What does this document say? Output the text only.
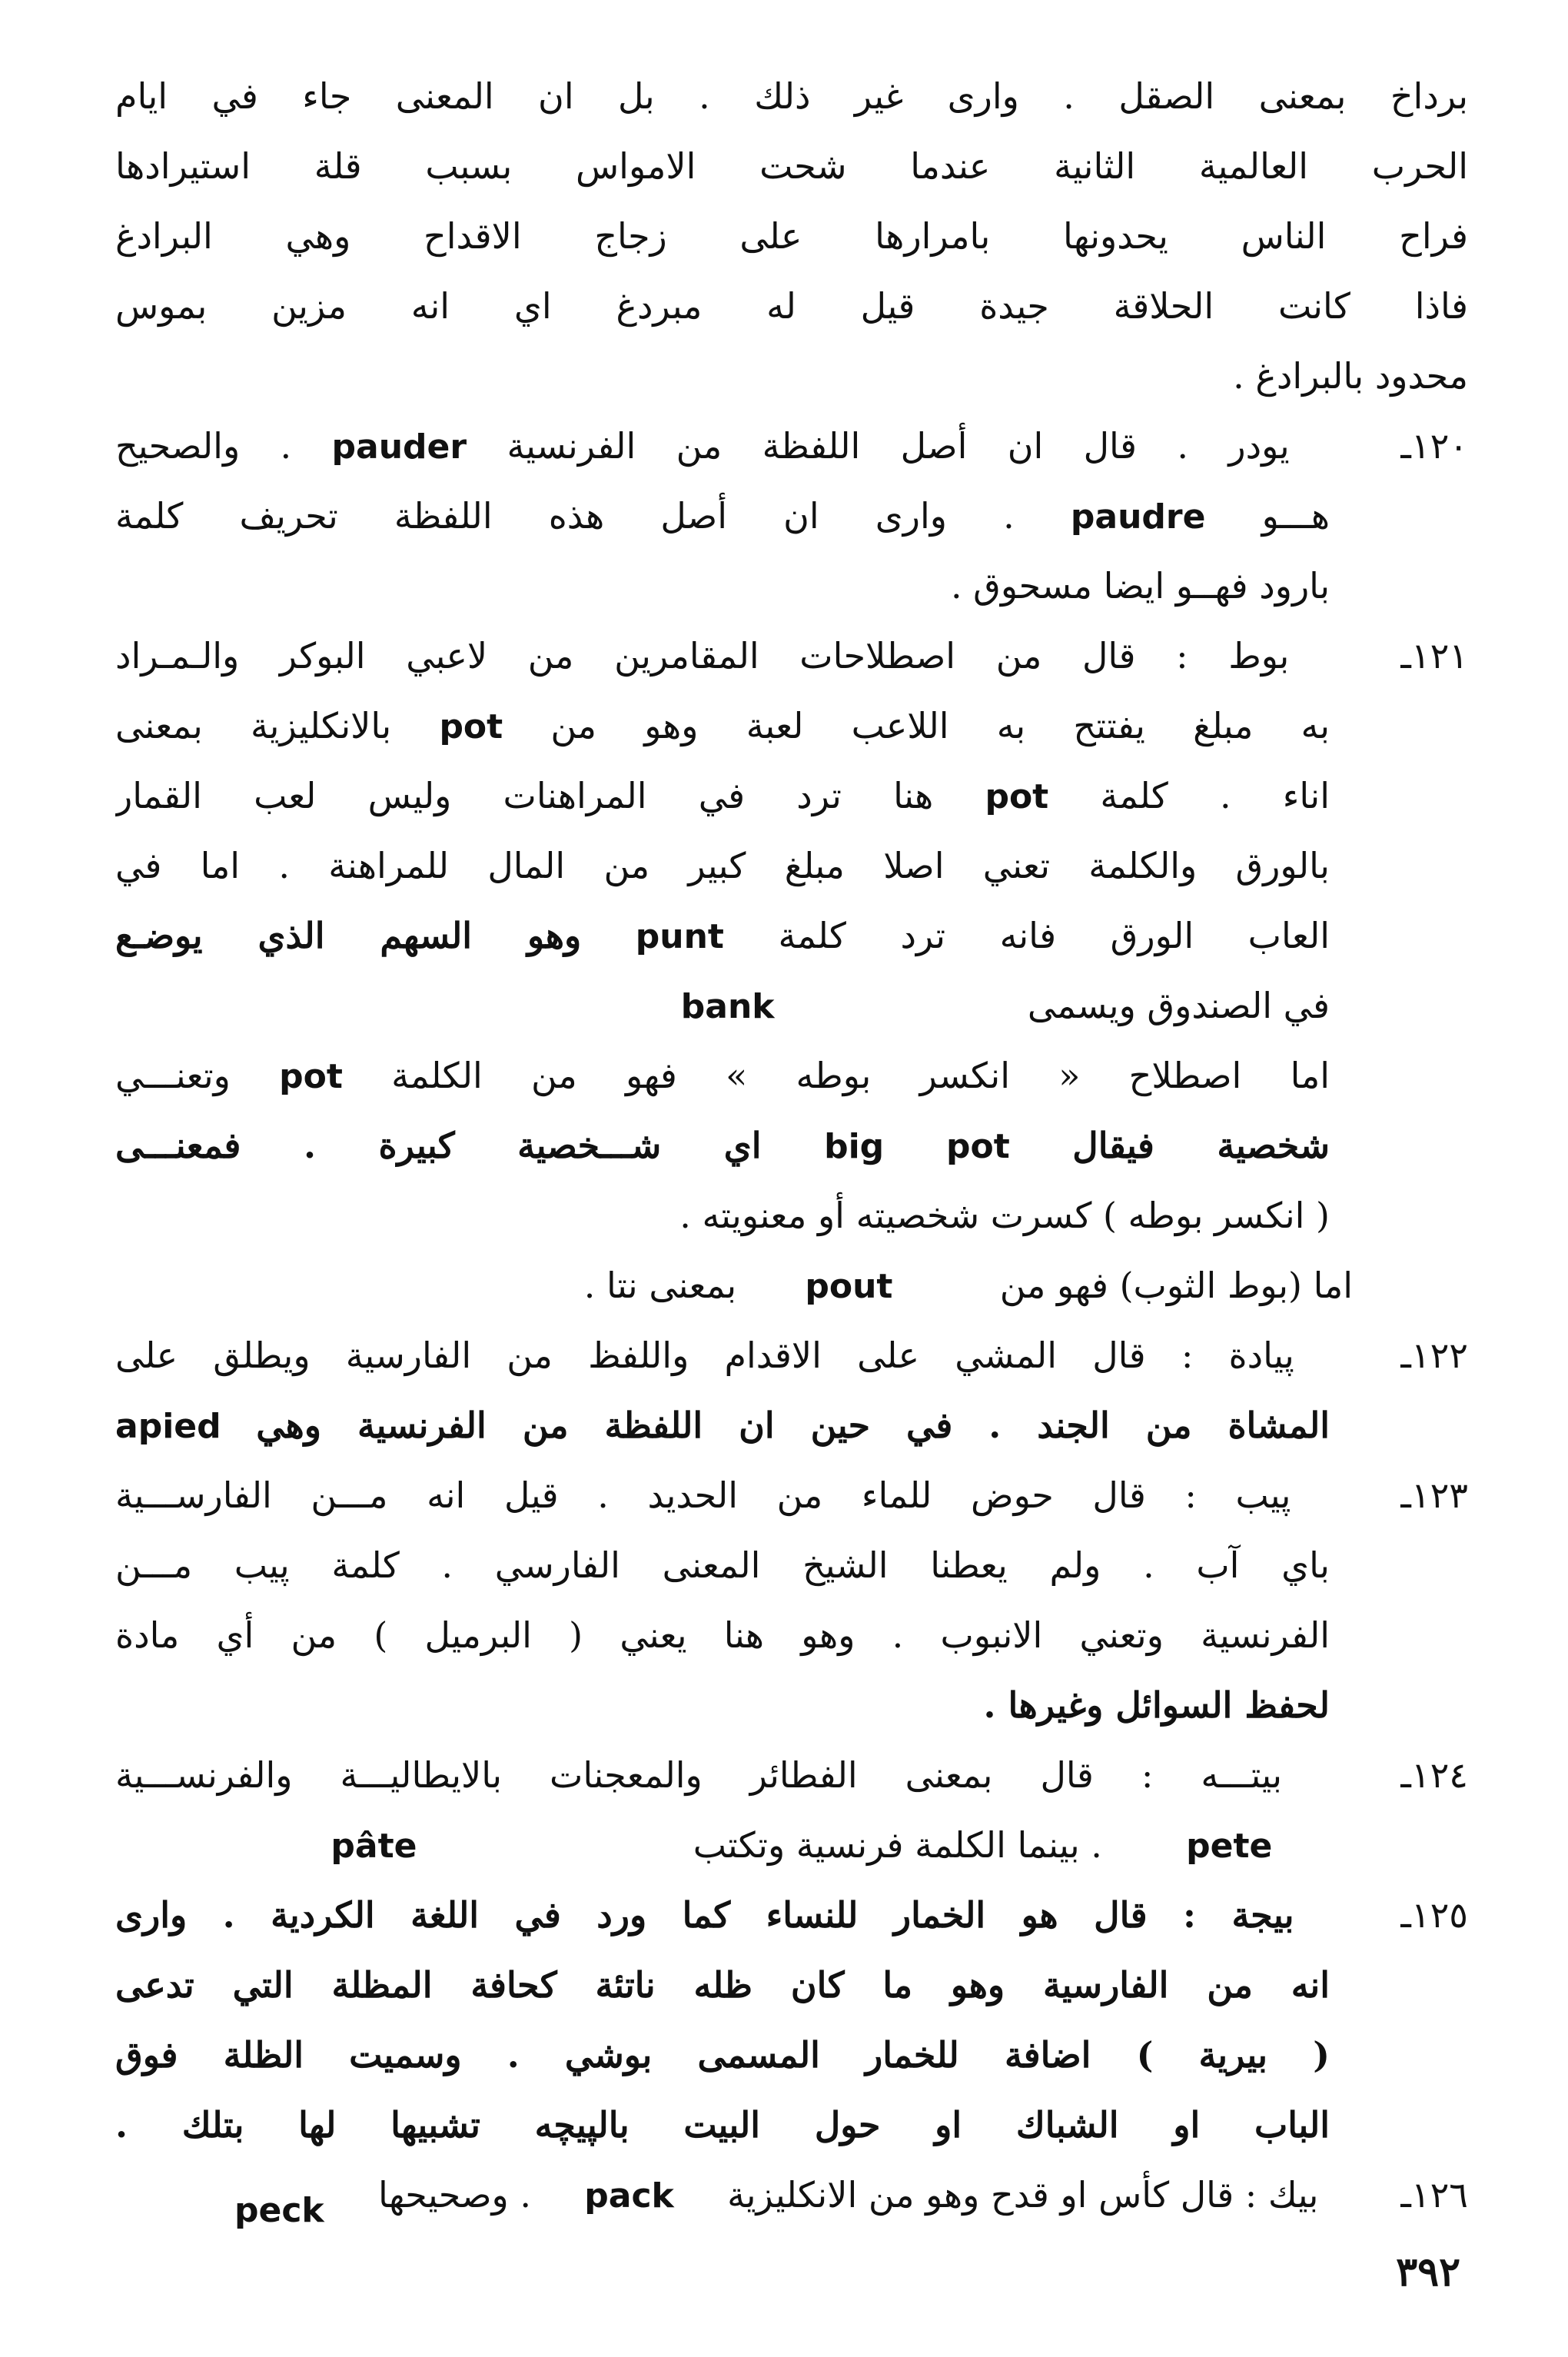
برداخ بمعنى الصقل . واری غیر ذلك . بل ان المعنى جاء في ايام
الحرب العالمية الثانية عندما شحت الامواس بسبب قلة استيرادها
فراح الناس يحدونها بامرارها على زجاج الاقداح وهي البرادغ
فاذا كانت الحلاقة جيدة قيل له مبردغ اي انه مزين بموس
محدود بالبرادغ .
١٢٠ـ يودر . قال ان أصل اللفظة من الفرنسية pauder . والصحيح
هـــو paudre . واری ان أصل هذه اللفظة تحريف كلمة
بارود فهــو ايضا مسحوق .
١٢١ـ بوط : قال من اصطلاحات المقامرين من لاعبي البوكر والـمـراد
به مبلغ يفتتح به اللاعب لعبة وهو من pot بالانكليزية بمعنى
اناء . كلمة pot هنا ترد في المراهنات وليس لعب القمار
بالورق والكلمة تعني اصلا مبلغ كبير من المال للمراهنة . اما في
العاب الورق فانه ترد كلمة punt وهو السهم الذي يوضـع
في الصندوق ويسمى  bank
اما اصطلاح « انكسر بوطه » فهو من الكلمة pot وتعنـــي
شخصية فيقال big pot اي شـــخصية كبيرة . فمعنـــى
( انكسر بوطه ) كسرت شخصيته أو معنويته .
اما (بوط الثوب) فهو من  pout  بمعنى نتا .
١٢٢ـ پيادة : قال المشي على الاقدام واللفظ من الفارسية ويطلق على
المشاة من الجند . في حين ان اللفظة من الفرنسية وهي apied
١٢٣ـ پيب : قال حوض للماء من الحديد . قيل انه مـــن الفارســـية
باي آب . ولم يعطنا الشيخ المعنى الفارسي . كلمة پيب مـــن
الفرنسية وتعني الانبوب . وهو هنا يعني ( البرميل ) من أي مادة
لحفظ السوائل وغيرها .
١٢٤ـ بيتـــه : قال بمعنى الفطائر والمعجنات بالايطاليـــة والفرنســـية
pete  . بينما الكلمة فرنسية وتكتب  pâte
١٢٥ـ بيجة : قال هو الخمار للنساء كما ورد في اللغة الكردية . وارى
انه من الفارسية وهو ما كان ظله ناتئة كحافة المظلة التي تدعى
( بيرية ) اضافة للخمار المسمى بوشي . وسميت الظلة فوق
الباب او الشباك او حول البيت بالپيچه تشبيها لها بتلك .
١٢٦ـ بيك : قال كأس او قدح وهو من الانكليزية  pack  . وصحيحها
peck
٣٩٢
